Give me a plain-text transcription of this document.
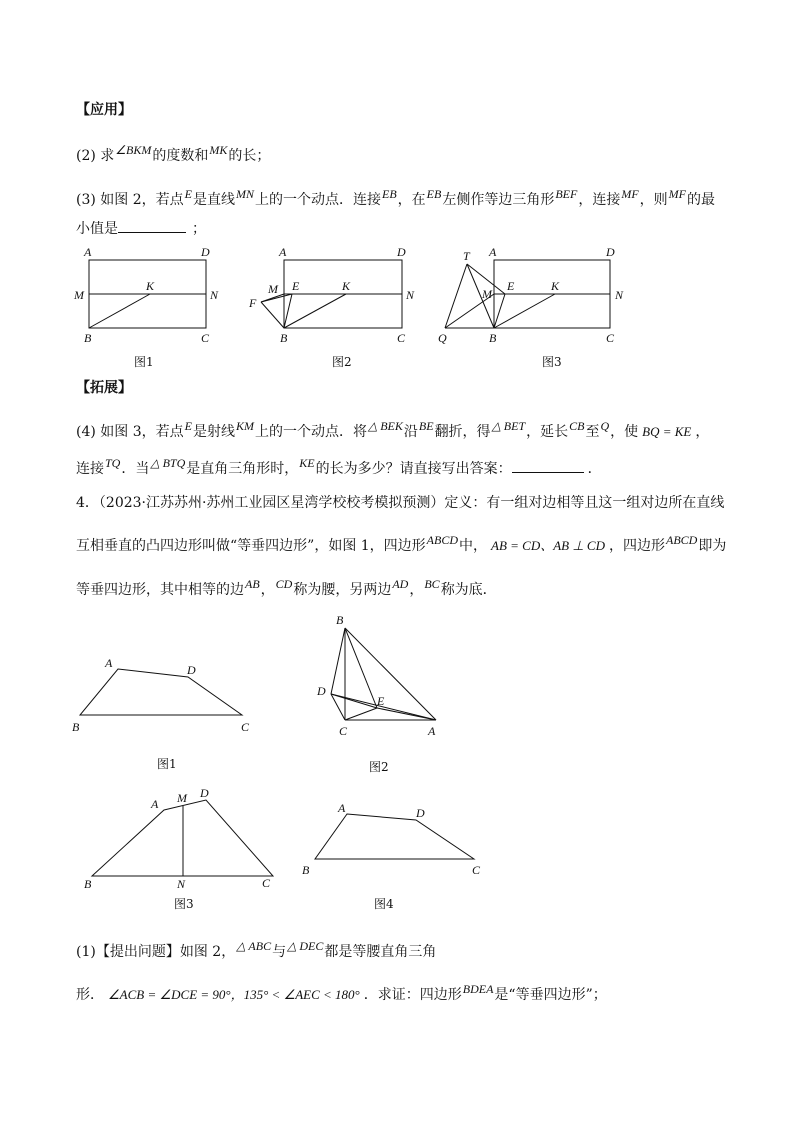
【应用】
(2) 求∠BKM的度数和MK的长；
(3) 如图 2，若点E是直线MN上的一个动点．连接EB，在EB左侧作等边三角形BEF，连接MF，则MF的最
小值是	；
A	D
M
K
N
B	C
图1
A	D
M E	K
N
F
B	C
图2
T A	D
M
E	K
N
Q	B	C
图3
A	D
B	C
图1
B
D
E
C	A
图2
A M D
B	N	C
图3
A	D
B	C
图4
【拓展】
(4) 如图 3，若点E是射线KM上的一个动点．将△ BEK沿BE翻折，得△ BET，延长CB至Q，使 BQ = KE ，
连接TQ．当△ BTQ是直角三角形时，KE的长为多少？请直接写出答案：	．
4．（2023·江苏苏州·苏州工业园区星湾学校校考模拟预测）定义：有一组对边相等且这一组对边所在直线
互相垂直的凸四边形叫做“等垂四边形”，如图 1，四边形ABCD中， AB = CD、AB ⊥ CD ，四边形ABCD即为
等垂四边形，其中相等的边AB，CD称为腰，另两边AD，BC称为底．
(1)【提出问题】如图 2，△ ABC与△ DEC都是等腰直角三角
形． ∠ACB = ∠DCE = 90°，135° < ∠AEC < 180° ．求证：四边形BDEA是“等垂四边形”；
